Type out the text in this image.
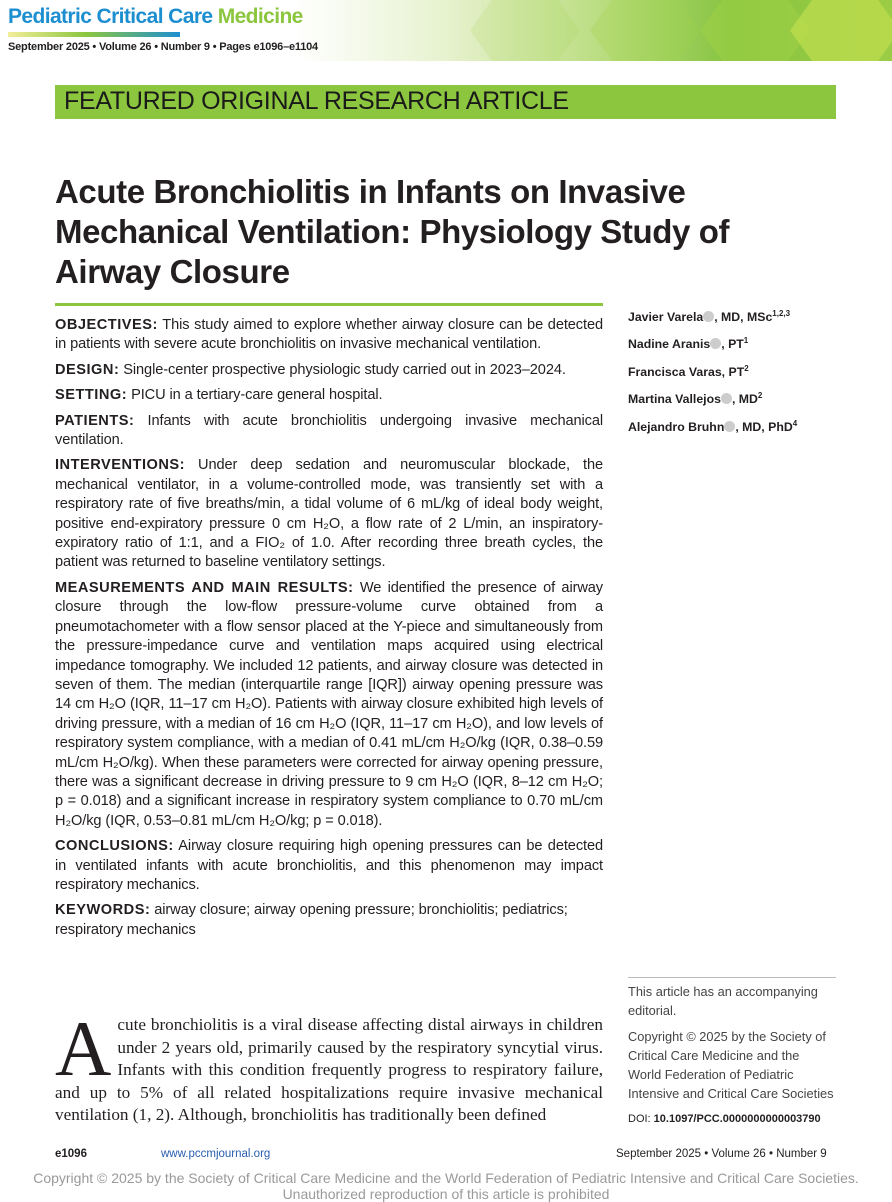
Pediatric Critical Care Medicine
September 2025 • Volume 26 • Number 9 • Pages e1096–e1104
FEATURED ORIGINAL RESEARCH ARTICLE
Acute Bronchiolitis in Infants on Invasive Mechanical Ventilation: Physiology Study of Airway Closure

OBJECTIVES: This study aimed to explore whether airway closure can be detected in patients with severe acute bronchiolitis on invasive mechanical ventilation.

DESIGN: Single-center prospective physiologic study carried out in 2023–2024.

SETTING: PICU in a tertiary-care general hospital.

PATIENTS: Infants with acute bronchiolitis undergoing invasive mechanical ventilation.

INTERVENTIONS: Under deep sedation and neuromuscular blockade, the mechanical ventilator, in a volume-controlled mode, was transiently set with a respiratory rate of five breaths/min, a tidal volume of 6 mL/kg of ideal body weight, positive end-expiratory pressure 0 cm H₂O, a flow rate of 2 L/min, an inspiratory-expiratory ratio of 1:1, and a FIO₂ of 1.0. After recording three breath cycles, the patient was returned to baseline ventilatory settings.

MEASUREMENTS AND MAIN RESULTS: We identified the presence of airway closure through the low-flow pressure-volume curve obtained from a pneumotachometer with a flow sensor placed at the Y-piece and simultaneously from the pressure-impedance curve and ventilation maps acquired using electrical impedance tomography. We included 12 patients, and airway closure was detected in seven of them. The median (interquartile range [IQR]) airway opening pressure was 14 cm H₂O (IQR, 11–17 cm H₂O). Patients with airway closure exhibited high levels of driving pressure, with a median of 16 cm H₂O (IQR, 11–17 cm H₂O), and low levels of respiratory system compliance, with a median of 0.41 mL/cm H₂O/kg (IQR, 0.38–0.59 mL/cm H₂O/kg). When these parameters were corrected for airway opening pressure, there was a significant decrease in driving pressure to 9 cm H₂O (IQR, 8–12 cm H₂O; p = 0.018) and a significant increase in respiratory system compliance to 0.70 mL/cm H₂O/kg (IQR, 0.53–0.81 mL/cm H₂O/kg; p = 0.018).

CONCLUSIONS: Airway closure requiring high opening pressures can be detected in ventilated infants with acute bronchiolitis, and this phenomenon may impact respiratory mechanics.

KEYWORDS: airway closure; airway opening pressure; bronchiolitis; pediatrics; respiratory mechanics

Javier Varela , MD, MSc$^{1,2,3}$
Nadine Aranis , $PT^1$
Francisca Varas, $PT^2$
Martina Vallejos , $MD^2$
Alejandro Bruhn , MD, PhD$^4$
This article has an accompanying editorial.
Copyright © 2025 by the Society of Critical Care Medicine and the World Federation of Pediatric Intensive and Critical Care Societies
DOI: 10.1097/PCC.0000000000003790
Acute bronchiolitis is a viral disease affecting distal airways in children under 2 years old, primarily caused by the respiratory syncytial virus. Infants with this condition frequently progress to respiratory failure, and up to 5% of all related hospitalizations require invasive mechanical ventilation (1, 2). Although, bronchiolitis has traditionally been defined
e1096	www.pccmjournal.org	September 2025 • Volume 26 • Number 9
Copyright © 2025 by the Society of Critical Care Medicine and the World Federation of Pediatric Intensive and Critical Care Societies.
Unauthorized reproduction of this article is prohibited
